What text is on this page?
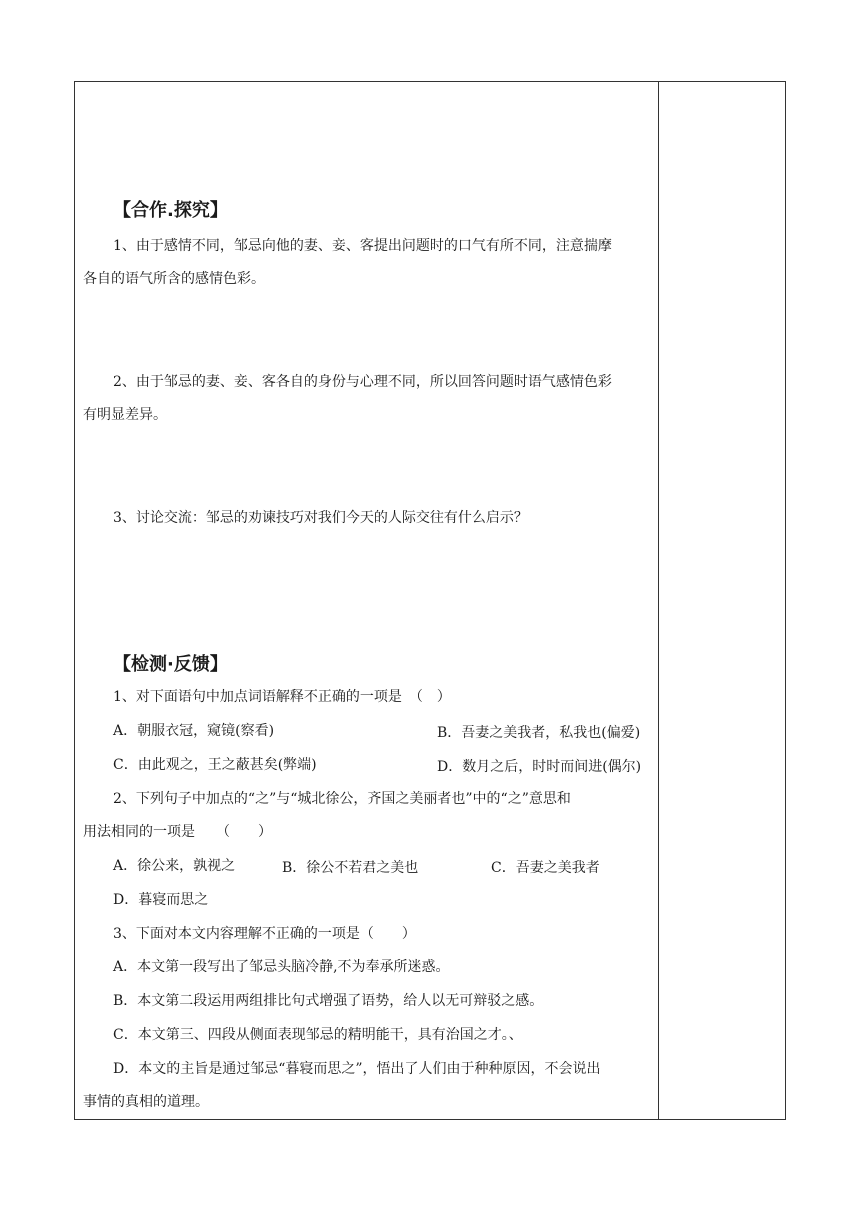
【合作.探究】
1、由于感情不同，邹忌向他的妻、妾、客提出问题时的口气有所不同，注意揣摩
各自的语气所含的感情色彩。
2、由于邹忌的妻、妾、客各自的身份与心理不同，所以回答问题时语气感情色彩
有明显差异。
3、讨论交流：邹忌的劝谏技巧对我们今天的人际交往有什么启示？
【检测·反馈】
1、对下面语句中加点词语解释不正确的一项是　（　）
A．朝服衣冠，窥镜(察看)	B．吾妻之美我者，私我也(偏爱)
C．由此观之，王之蔽甚矣(弊端)	D．数月之后，时时而间进(偶尔)
2、下列句子中加点的“之”与“城北徐公，齐国之美丽者也”中的“之”意思和
用法相同的一项是　　（　　）
A．徐公来，孰视之	B．徐公不若君之美也	C．吾妻之美我者
D．暮寝而思之
3、下面对本文内容理解不正确的一项是（　　）
A．本文第一段写出了邹忌头脑冷静,不为奉承所迷惑。
B．本文第二段运用两组排比句式增强了语势，给人以无可辩驳之感。
C．本文第三、四段从侧面表现邹忌的精明能干，具有治国之才。、
D．本文的主旨是通过邹忌“暮寝而思之”，悟出了人们由于种种原因，不会说出
事情的真相的道理。
